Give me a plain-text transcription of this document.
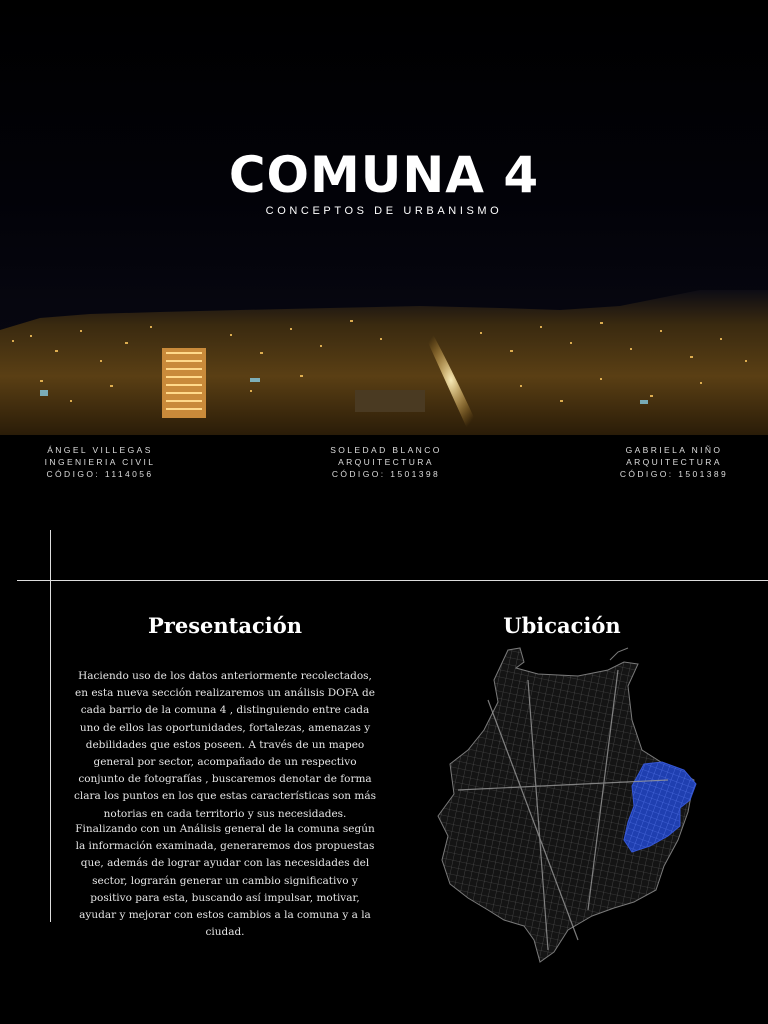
COMUNA 4
CONCEPTOS DE URBANISMO
ÁNGEL VILLEGAS
INGENIERIA CIVIL
CÓDIGO: 1114056
SOLEDAD BLANCO
ARQUITECTURA
CÓDIGO: 1501398
GABRIELA NIÑO
ARQUITECTURA
CÓDIGO: 1501389
Presentación

Haciendo uso de los datos anteriormente recolectados, en esta nueva sección realizaremos un análisis DOFA de cada barrio de la comuna 4 , distinguiendo entre cada uno de ellos las oportunidades, fortalezas, amenazas y debilidades que estos poseen. A través de un mapeo general por sector, acompañado de un respectivo conjunto de fotografías , buscaremos denotar de forma clara los puntos en los que estas características son más notorias en cada territorio y sus necesidades.

Finalizando con un Análisis general de la comuna según la información examinada, generaremos dos propuestas que, además de lograr ayudar con las necesidades del sector, lograrán generar un cambio significativo y positivo para esta, buscando así impulsar, motivar, ayudar y mejorar con estos cambios a la comuna y a la ciudad.

Ubicación
